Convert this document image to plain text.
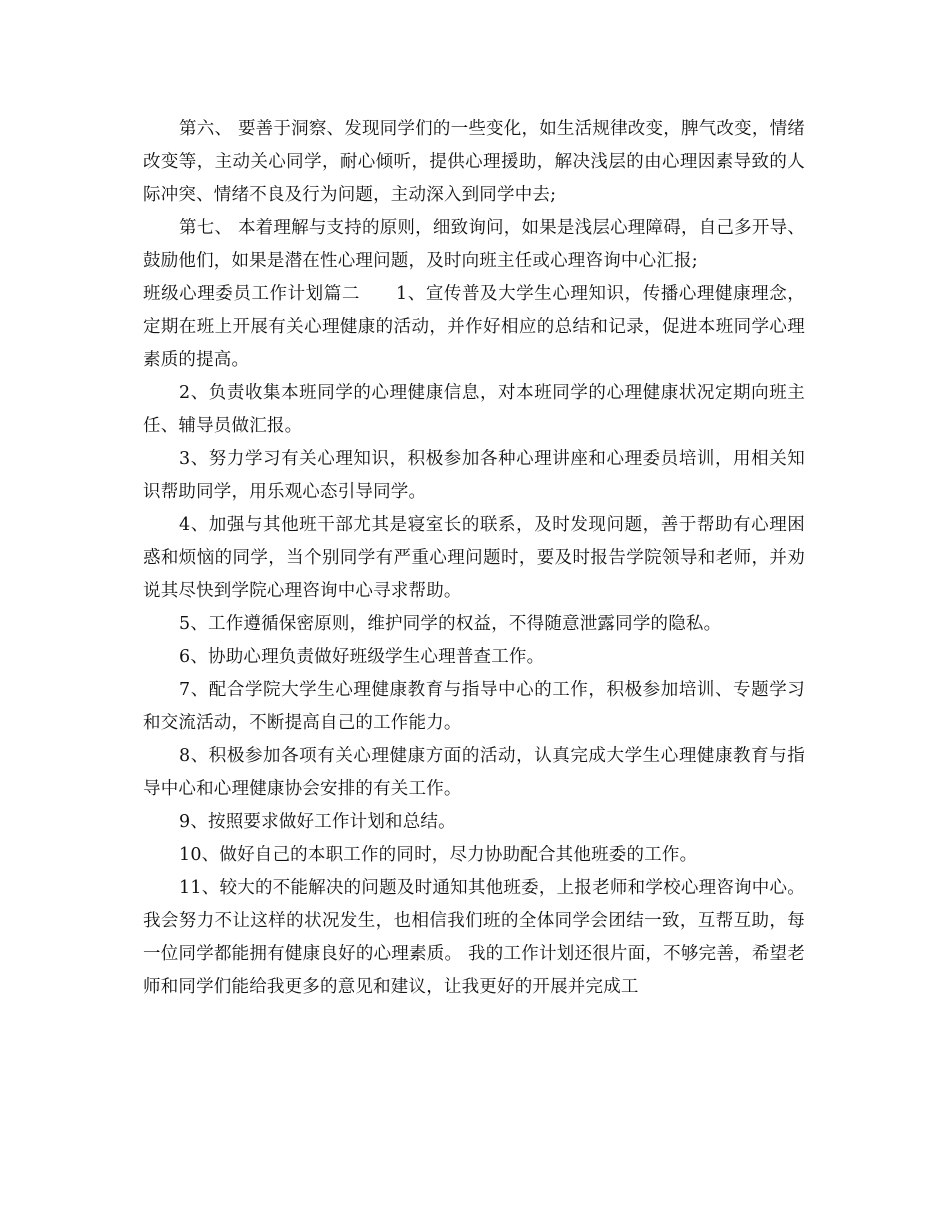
第六、 要善于洞察、发现同学们的一些变化，如生活规律改变，脾气改变，情绪改变等，主动关心同学，耐心倾听，提供心理援助，解决浅层的由心理因素导致的人际冲突、情绪不良及行为问题，主动深入到同学中去;

第七、 本着理解与支持的原则，细致询问，如果是浅层心理障碍，自己多开导、鼓励他们，如果是潜在性心理问题，及时向班主任或心理咨询中心汇报;

班级心理委员工作计划篇二　　1、宣传普及大学生心理知识，传播心理健康理念，定期在班上开展有关心理健康的活动，并作好相应的总结和记录，促进本班同学心理素质的提高。

2、负责收集本班同学的心理健康信息，对本班同学的心理健康状况定期向班主任、辅导员做汇报。

3、努力学习有关心理知识，积极参加各种心理讲座和心理委员培训，用相关知识帮助同学，用乐观心态引导同学。

4、加强与其他班干部尤其是寝室长的联系，及时发现问题，善于帮助有心理困惑和烦恼的同学，当个别同学有严重心理问题时，要及时报告学院领导和老师，并劝说其尽快到学院心理咨询中心寻求帮助。

5、工作遵循保密原则，维护同学的权益，不得随意泄露同学的隐私。

6、协助心理负责做好班级学生心理普查工作。

7、配合学院大学生心理健康教育与指导中心的工作，积极参加培训、专题学习和交流活动，不断提高自己的工作能力。

8、积极参加各项有关心理健康方面的活动，认真完成大学生心理健康教育与指导中心和心理健康协会安排的有关工作。

9、按照要求做好工作计划和总结。

10、做好自己的本职工作的同时，尽力协助配合其他班委的工作。

11、较大的不能解决的问题及时通知其他班委，上报老师和学校心理咨询中心。我会努力不让这样的状况发生，也相信我们班的全体同学会团结一致，互帮互助，每一位同学都能拥有健康良好的心理素质。 我的工作计划还很片面，不够完善，希望老师和同学们能给我更多的意见和建议，让我更好的开展并完成工
